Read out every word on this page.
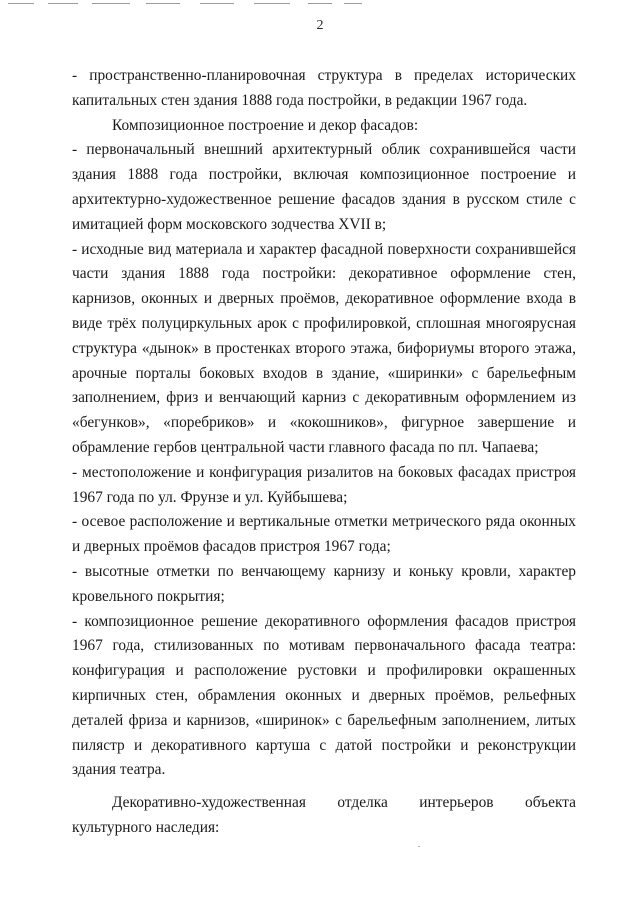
2

- пространственно-планировочная структура в пределах исторических капитальных стен здания 1888 года постройки, в редакции 1967 года.

Композиционное построение и декор фасадов:

- первоначальный внешний архитектурный облик сохранившейся части здания 1888 года постройки, включая композиционное построение и архитектурно-художественное решение фасадов здания в русском стиле с имитацией форм московского зодчества XVII в;

- исходные вид материала и характер фасадной поверхности сохранившейся части здания 1888 года постройки: декоративное оформление стен, карнизов, оконных и дверных проёмов, декоративное оформление входа в виде трёх полуциркульных арок с профилировкой, сплошная многоярусная структура «дынок» в простенках второго этажа, бифориумы второго этажа, арочные порталы боковых входов в здание, «ширинки» с барельефным заполнением, фриз и венчающий карниз с декоративным оформлением из «бегунков», «поребриков» и «кокошников», фигурное завершение и обрамление гербов центральной части главного фасада по пл. Чапаева;

- местоположение и конфигурация ризалитов на боковых фасадах пристроя 1967 года по ул. Фрунзе и ул. Куйбышева;

- осевое расположение и вертикальные отметки метрического ряда оконных и дверных проёмов фасадов пристроя 1967 года;

- высотные отметки по венчающему карнизу и коньку кровли, характер кровельного покрытия;

- композиционное решение декоративного оформления фасадов пристроя 1967 года, стилизованных по мотивам первоначального фасада театра: конфигурация и расположение рустовки и профилировки окрашенных кирпичных стен, обрамления оконных и дверных проёмов, рельефных деталей фриза и карнизов, «ширинок» с барельефным заполнением, литых пилястр и декоративного картуша с датой постройки и реконструкции здания театра.

Декоративно-художественная отделка интерьеров объекта культурного наследия:
